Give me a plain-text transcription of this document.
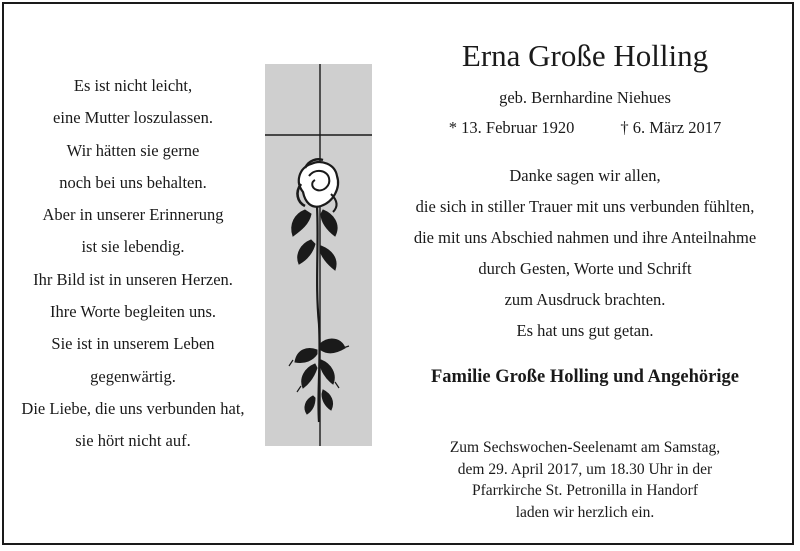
Es ist nicht leicht,
eine Mutter loszulassen.
Wir hätten sie gerne
noch bei uns behalten.
Aber in unserer Erinnerung
ist sie lebendig.
Ihr Bild ist in unseren Herzen.
Ihre Worte begleiten uns.
Sie ist in unserem Leben
gegenwärtig.
Die Liebe, die uns verbunden hat,
sie hört nicht auf.
Erna Große Holling
geb. Bernhardine Niehues
* 13. Februar 1920	† 6. März 2017
Danke sagen wir allen,
die sich in stiller Trauer mit uns verbunden fühlten,
die mit uns Abschied nahmen und ihre Anteilnahme
durch Gesten, Worte und Schrift
zum Ausdruck brachten.
Es hat uns gut getan.
Familie Große Holling und Angehörige
Zum Sechswochen-Seelenamt am Samstag,
dem 29. April 2017, um 18.30 Uhr in der
Pfarrkirche St. Petronilla in Handorf
laden wir herzlich ein.
